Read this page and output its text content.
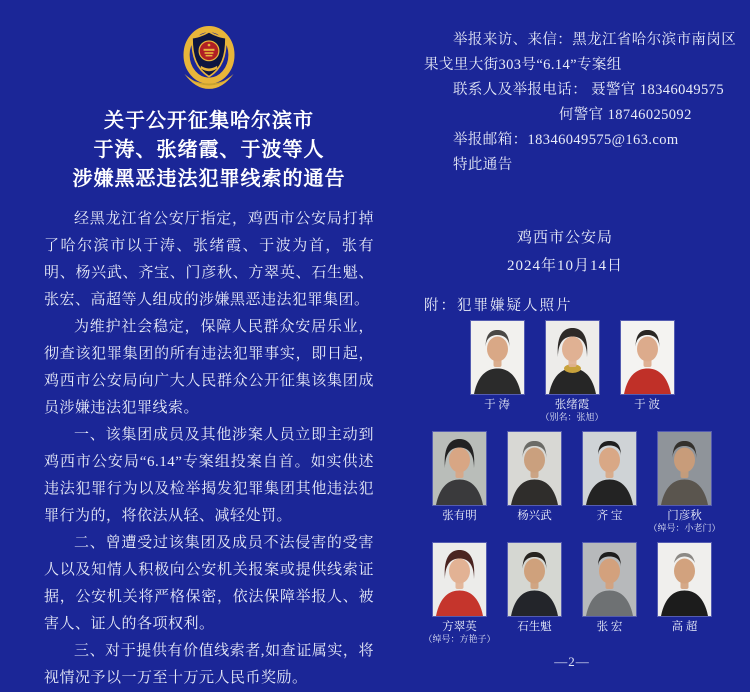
关于公开征集哈尔滨市
于涛、张绪霞、于波等人
涉嫌黑恶违法犯罪线索的通告

经黑龙江省公安厅指定，鸡西市公安局打掉了哈尔滨市以于涛、张绪霞、于波为首，张有明、杨兴武、齐宝、门彦秋、方翠英、石生魁、张宏、高超等人组成的涉嫌黑恶违法犯罪集团。

为维护社会稳定，保障人民群众安居乐业，彻查该犯罪集团的所有违法犯罪事实，即日起，鸡西市公安局向广大人民群众公开征集该集团成员涉嫌违法犯罪线索。

一、该集团成员及其他涉案人员立即主动到鸡西市公安局“6.14”专案组投案自首。如实供述违法犯罪行为以及检举揭发犯罪集团其他违法犯罪行为的，将依法从轻、减轻处罚。

二、曾遭受过该集团及成员不法侵害的受害人以及知情人积极向公安机关报案或提供线索证据，公安机关将严格保密，依法保障举报人、被害人、证人的各项权利。

三、对于提供有价值线索者,如查证属实，将视情况予以一万至十万元人民币奖励。

举报来访、来信：黑龙江省哈尔滨市南岗区
果戈里大街303号“6.14”专案组
联系人及举报电话： 聂警官 18346049575
何警官 18746025092
举报邮箱：18346049575@163.com
特此通告
鸡西市公安局
2024年10月14日
附：犯罪嫌疑人照片
于 涛	张绪霞
（别名：张旭）
于 波
张有明	杨兴武	齐 宝	门彦秋
（绰号：小老门）
方翠英
（绰号：方艳子）
石生魁	张 宏	高 超
—2—
